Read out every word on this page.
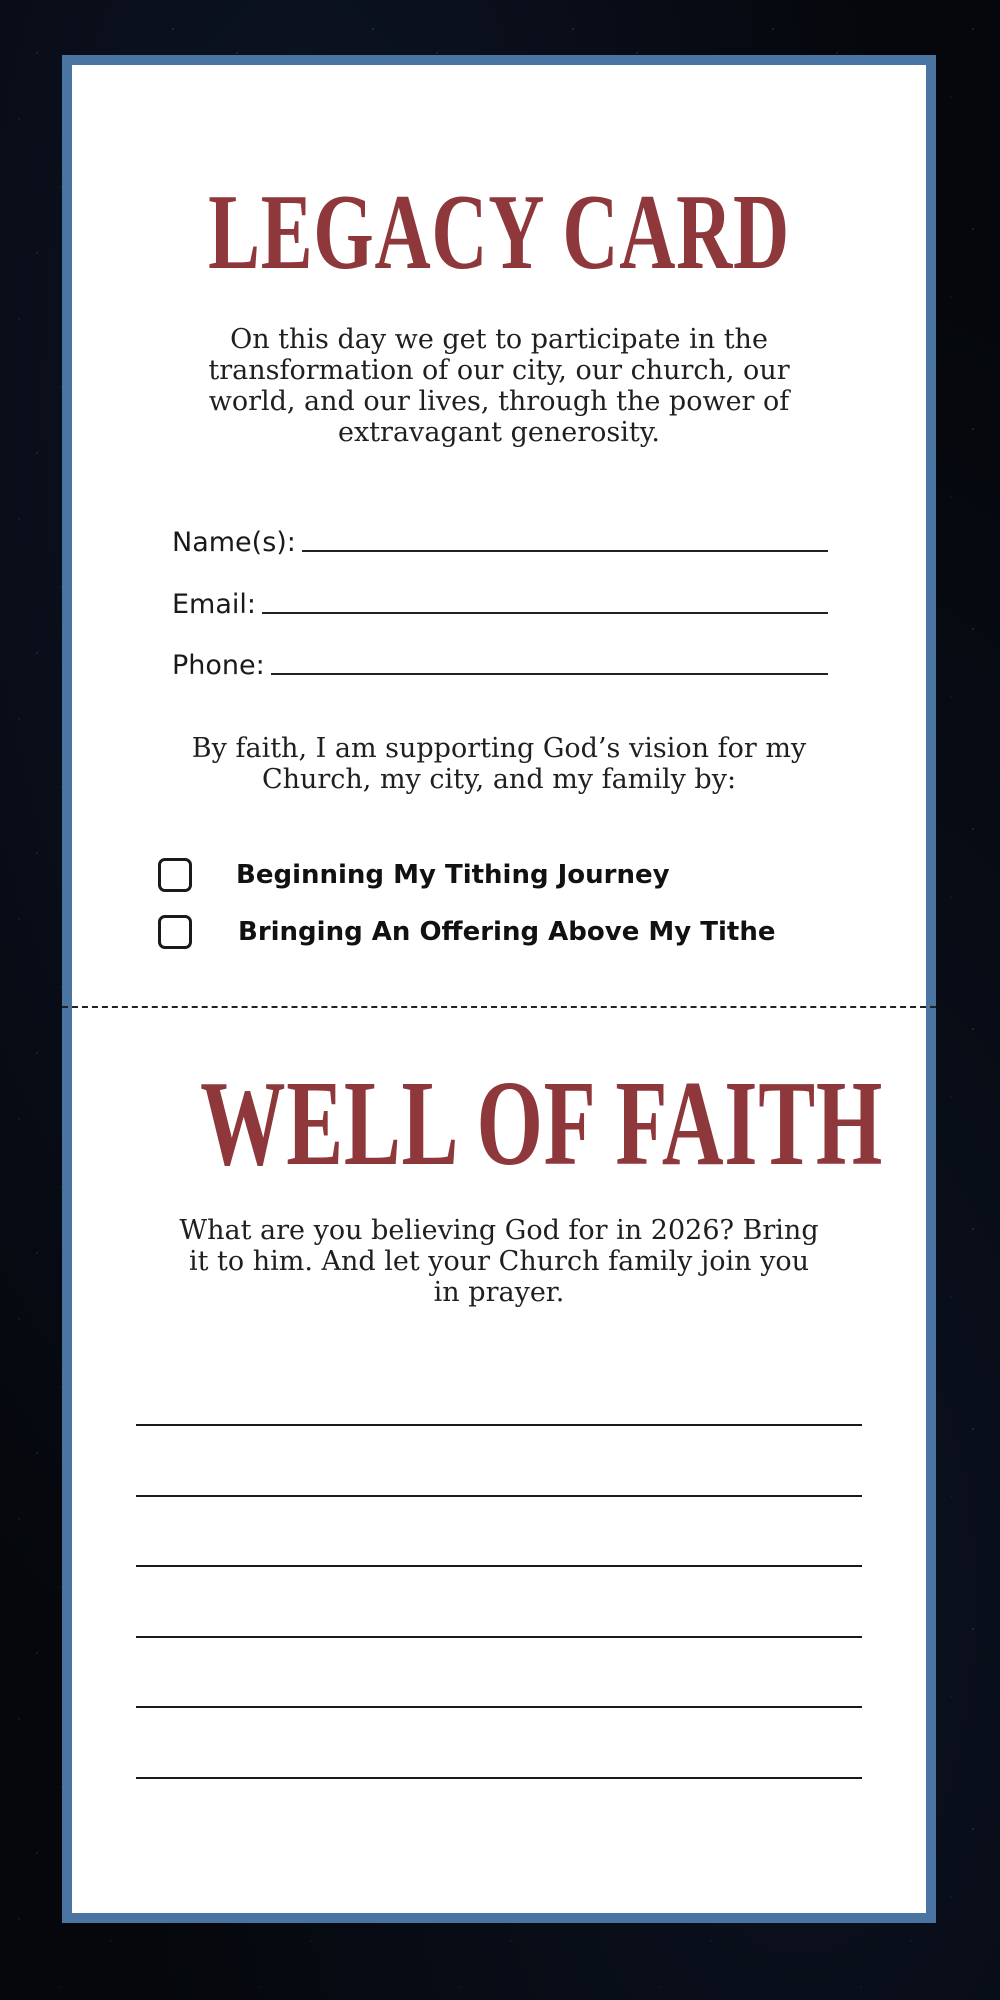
LEGACY CARD

On this day we get to participate in the transformation of our city, our church, our world, and our lives, through the power of extravagant generosity.

Name(s):
Email:
Phone:

By faith, I am supporting God’s vision for my Church, my city, and my family by:

Beginning My Tithing Journey
Bringing An Offering Above My Tithe
WELL OF FAITH

What are you believing God for in 2026? Bring it to him. And let your Church family join you in prayer.
